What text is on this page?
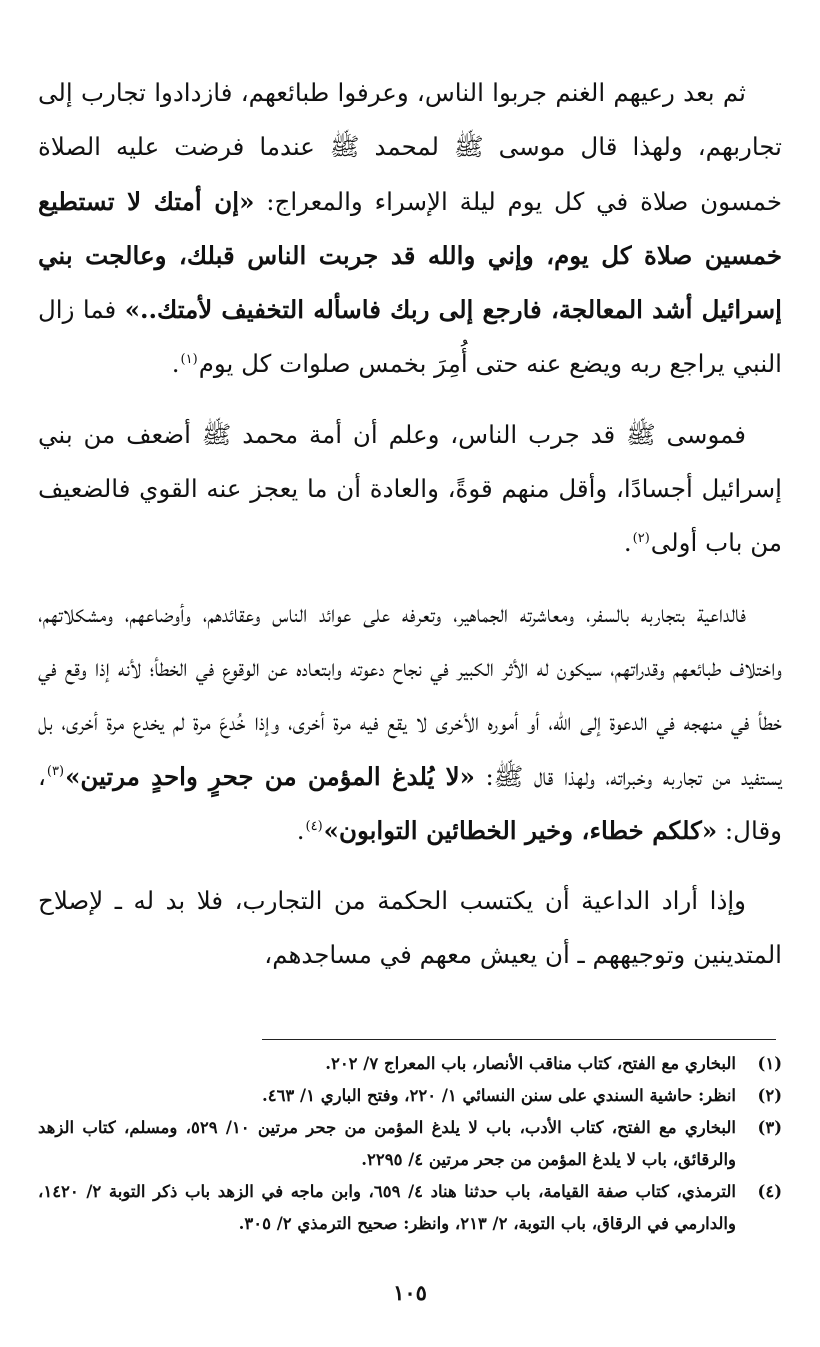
ثم بعد رعيهم الغنم جربوا الناس، وعرفوا طبائعهم، فازدادوا تجارب إلى تجاربهم، ولهذا قال موسى ﷺ لمحمد ﷺ عندما فرضت عليه الصلاة خمسون صلاة في كل يوم ليلة الإسراء والمعراج: «إن أمتك لا تستطيع خمسين صلاة كل يوم، وإني والله قد جربت الناس قبلك، وعالجت بني إسرائيل أشد المعالجة، فارجع إلى ربك فاسأله التخفيف لأمتك..» فما زال النبي يراجع ربه ويضع عنه حتى أُمِرَ بخمس صلوات كل يوم$^{(١)}$.

فموسى ﷺ قد جرب الناس، وعلم أن أمة محمد ﷺ أضعف من بني إسرائيل أجسادًا، وأقل منهم قوةً، والعادة أن ما يعجز عنه القوي فالضعيف من باب أولى$^{(٢)}$.

فالداعية بتجاربه بالسفر، ومعاشرته الجماهير، وتعرفه على عوائد الناس وعقائدهم، وأوضاعهم، ومشكلاتهم، واختلاف طبائعهم وقدراتهم، سيكون له الأثر الكبير في نجاح دعوته وابتعاده عن الوقوع في الخطأ؛ لأنه إذا وقع في خطأ في منهجه في الدعوة إلى الله، أو أموره الأخرى لا يقع فيه مرة أخرى، وإذا خُدعَ مرة لم يخدع مرة أخرى، بل يستفيد من تجاربه وخبراته، ولهذا قال ﷺ: «لا يُلدغ المؤمن من جحرٍ واحدٍ مرتين»$^{(٣)}$، وقال: «كلكم خطاء، وخير الخطائين التوابون»$^{(٤)}$.

وإذا أراد الداعية أن يكتسب الحكمة من التجارب، فلا بد له ـ لإصلاح المتدينين وتوجيههم ـ أن يعيش معهم في مساجدهم،

(١)
البخاري مع الفتح، كتاب مناقب الأنصار، باب المعراج ٧/ ٢٠٢.
(٢)
انظر: حاشية السندي على سنن النسائي ١/ ٢٢٠، وفتح الباري ١/ ٤٦٣.
(٣)
البخاري مع الفتح، كتاب الأدب، باب لا يلدغ المؤمن من جحر مرتين ١٠/ ٥٢٩، ومسلم، كتاب الزهد والرقائق، باب لا يلدغ المؤمن من جحر مرتين ٤/ ٢٢٩٥.
(٤)
الترمذي، كتاب صفة القيامة، باب حدثنا هناد ٤/ ٦٥٩، وابن ماجه في الزهد باب ذكر التوبة ٢/ ١٤٢٠، والدارمي في الرقاق، باب التوبة، ٢/ ٢١٣، وانظر: صحيح الترمذي ٢/ ٣٠٥.
١٠٥
